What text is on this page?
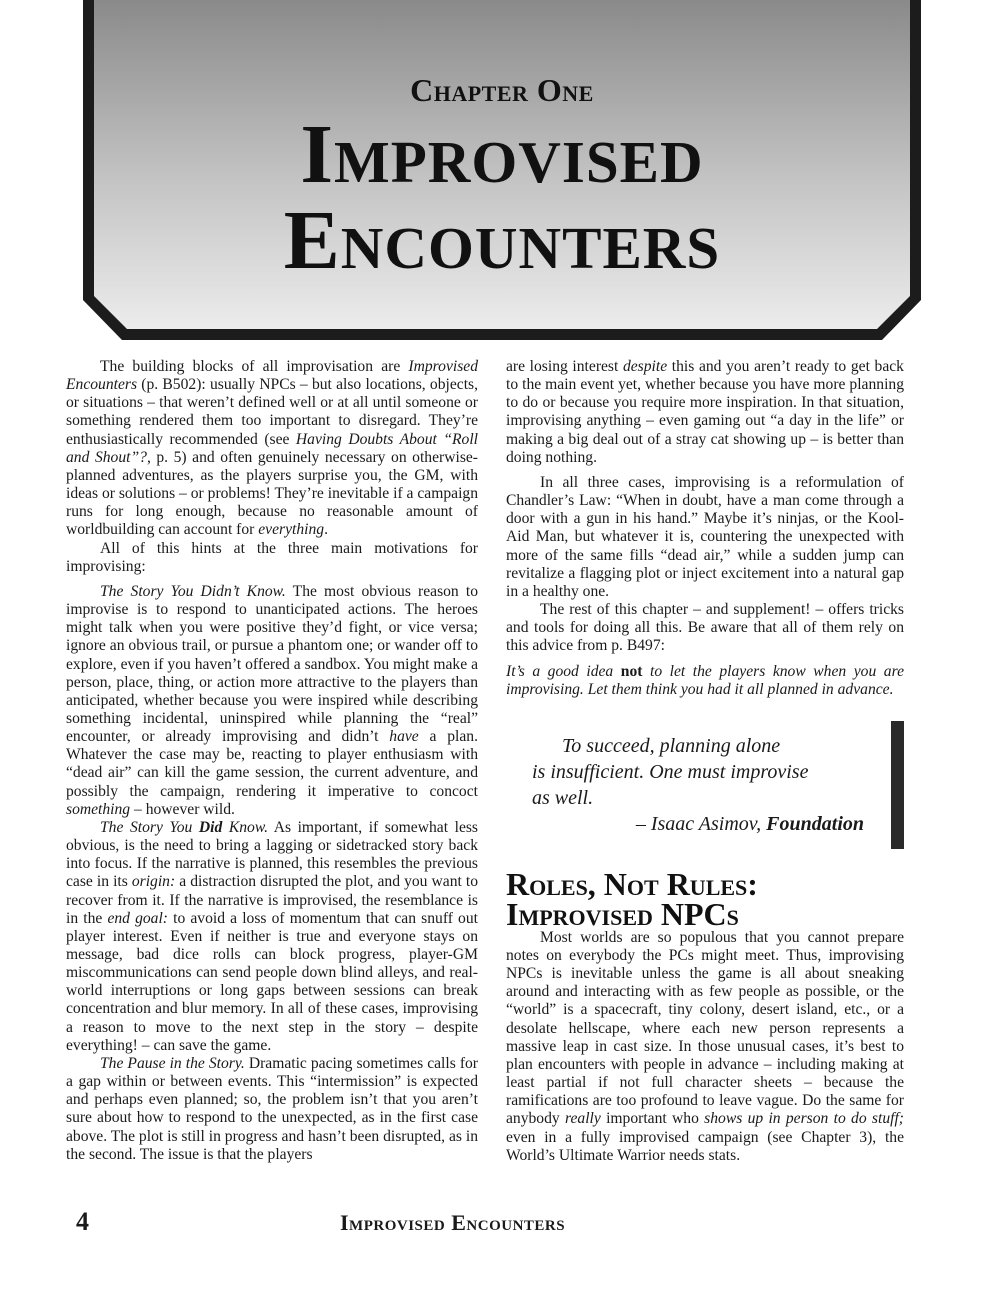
Chapter One
Improvised
Encounters

The building blocks of all improvisation are Improvised Encounters (p. B502): usually NPCs – but also locations, objects, or situations – that weren’t defined well or at all until someone or something rendered them too important to disregard. They’re enthusiastically recommended (see Having Doubts About “Roll and Shout”?, p. 5) and often genuinely necessary on otherwise-planned adventures, as the players surprise you, the GM, with ideas or solutions – or problems! They’re inevitable if a campaign runs for long enough, because no reasonable amount of worldbuilding can account for everything.

All of this hints at the three main motivations for improvising:

The Story You Didn’t Know. The most obvious reason to improvise is to respond to unanticipated actions. The heroes might talk when you were positive they’d fight, or vice versa; ignore an obvious trail, or pursue a phantom one; or wander off to explore, even if you haven’t offered a sandbox. You might make a person, place, thing, or action more attractive to the players than anticipated, whether because you were inspired while describing something incidental, uninspired while planning the “real” encounter, or already improvising and didn’t have a plan. Whatever the case may be, reacting to player enthusiasm with “dead air” can kill the game session, the current adventure, and possibly the campaign, rendering it imperative to concoct something – however wild.

The Story You Did Know. As important, if somewhat less obvious, is the need to bring a lagging or sidetracked story back into focus. If the narrative is planned, this resembles the previous case in its origin: a distraction disrupted the plot, and you want to recover from it. If the narrative is improvised, the resemblance is in the end goal: to avoid a loss of momentum that can snuff out player interest. Even if neither is true and everyone stays on message, bad dice rolls can block progress, player-GM miscommunications can send people down blind alleys, and real-world interruptions or long gaps between sessions can break concentration and blur memory. In all of these cases, improvising a reason to move to the next step in the story – despite everything! – can save the game.

The Pause in the Story. Dramatic pacing sometimes calls for a gap within or between events. This “intermission” is expected and perhaps even planned; so, the problem isn’t that you aren’t sure about how to respond to the unexpected, as in the first case above. The plot is still in progress and hasn’t been disrupted, as in the second. The issue is that the players

are losing interest despite this and you aren’t ready to get back to the main event yet, whether because you have more planning to do or because you require more inspiration. In that situation, improvising anything – even gaming out “a day in the life” or making a big deal out of a stray cat showing up – is better than doing nothing.

In all three cases, improvising is a reformulation of Chandler’s Law: “When in doubt, have a man come through a door with a gun in his hand.” Maybe it’s ninjas, or the Kool-Aid Man, but whatever it is, countering the unexpected with more of the same fills “dead air,” while a sudden jump can revitalize a flagging plot or inject excitement into a natural gap in a healthy one.

The rest of this chapter – and supplement! – offers tricks and tools for doing all this. Be aware that all of them rely on this advice from p. B497:

It’s a good idea not to let the players know when you are improvising. Let them think you had it all planned in advance.

To succeed, planning alone
is insufficient. One must improvise
as well.
– Isaac Asimov, Foundation
Roles, Not Rules:
Improvised NPCs

Most worlds are so populous that you cannot prepare notes on everybody the PCs might meet. Thus, improvising NPCs is inevitable unless the game is all about sneaking around and interacting with as few people as possible, or the “world” is a spacecraft, tiny colony, desert island, etc., or a desolate hellscape, where each new person represents a massive leap in cast size. In those unusual cases, it’s best to plan encounters with people in advance – including making at least partial if not full character sheets – because the ramifications are too profound to leave vague. Do the same for anybody really important who shows up in person to do stuff; even in a fully improvised campaign (see Chapter 3), the World’s Ultimate Warrior needs stats.

4	Improvised Encounters
